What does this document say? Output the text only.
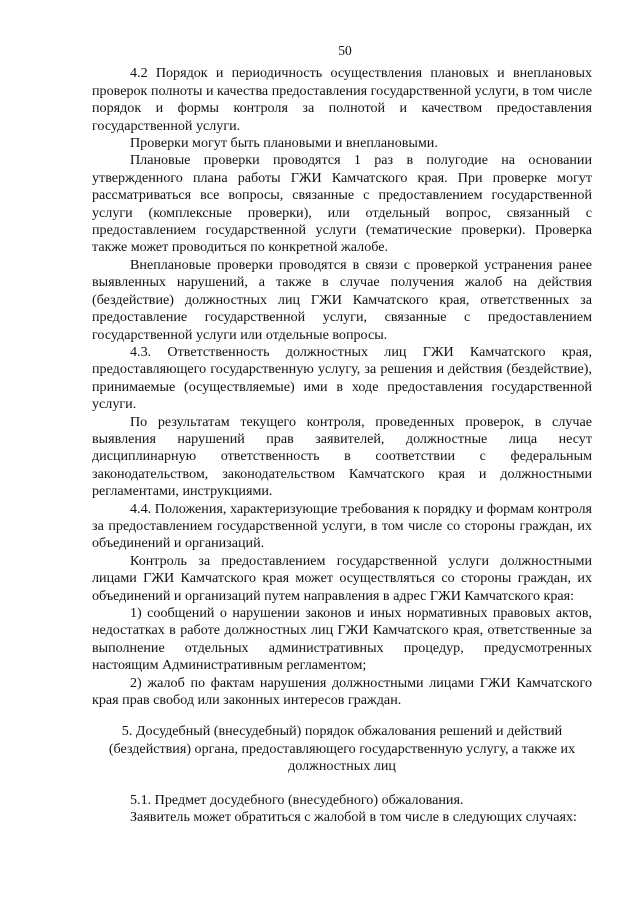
50

4.2 Порядок и периодичность осуществления плановых и внеплановых проверок полноты и качества предоставления государственной услуги, в том числе порядок и формы контроля за полнотой и качеством предоставления государственной услуги.

Проверки могут быть плановыми и внеплановыми.

Плановые проверки проводятся 1 раз в полугодие на основании утвержденного плана работы ГЖИ Камчатского края. При проверке могут рассматриваться все вопросы, связанные с предоставлением государственной услуги (комплексные проверки), или отдельный вопрос, связанный с предоставлением государственной услуги (тематические проверки). Проверка также может проводиться по конкретной жалобе.

Внеплановые проверки проводятся в связи с проверкой устранения ранее выявленных нарушений, а также в случае получения жалоб на действия (бездействие) должностных лиц ГЖИ Камчатского края, ответственных за предоставление государственной услуги, связанные с предоставлением государственной услуги или отдельные вопросы.

4.3. Ответственность должностных лиц ГЖИ Камчатского края, предоставляющего государственную услугу, за решения и действия (бездействие), принимаемые (осуществляемые) ими в ходе предоставления государственной услуги.

По результатам текущего контроля, проведенных проверок, в случае выявления нарушений прав заявителей, должностные лица несут дисциплинарную ответственность в соответствии с федеральным законодательством, законодательством Камчатского края и должностными регламентами, инструкциями.

4.4. Положения, характеризующие требования к порядку и формам контроля за предоставлением государственной услуги, в том числе со стороны граждан, их объединений и организаций.

Контроль за предоставлением государственной услуги должностными лицами ГЖИ Камчатского края может осуществляться со стороны граждан, их объединений и организаций путем направления в адрес ГЖИ Камчатского края:

1) сообщений о нарушении законов и иных нормативных правовых актов, недостатках в работе должностных лиц ГЖИ Камчатского края, ответственные за выполнение отдельных административных процедур, предусмотренных настоящим Административным регламентом;

2) жалоб по фактам нарушения должностными лицами ГЖИ Камчатского края прав свобод или законных интересов граждан.

5. Досудебный (внесудебный) порядок обжалования решений и действий (бездействия) органа, предоставляющего государственную услугу, а также их должностных лиц

5.1. Предмет досудебного (внесудебного) обжалования.

Заявитель может обратиться с жалобой в том числе в следующих случаях:
